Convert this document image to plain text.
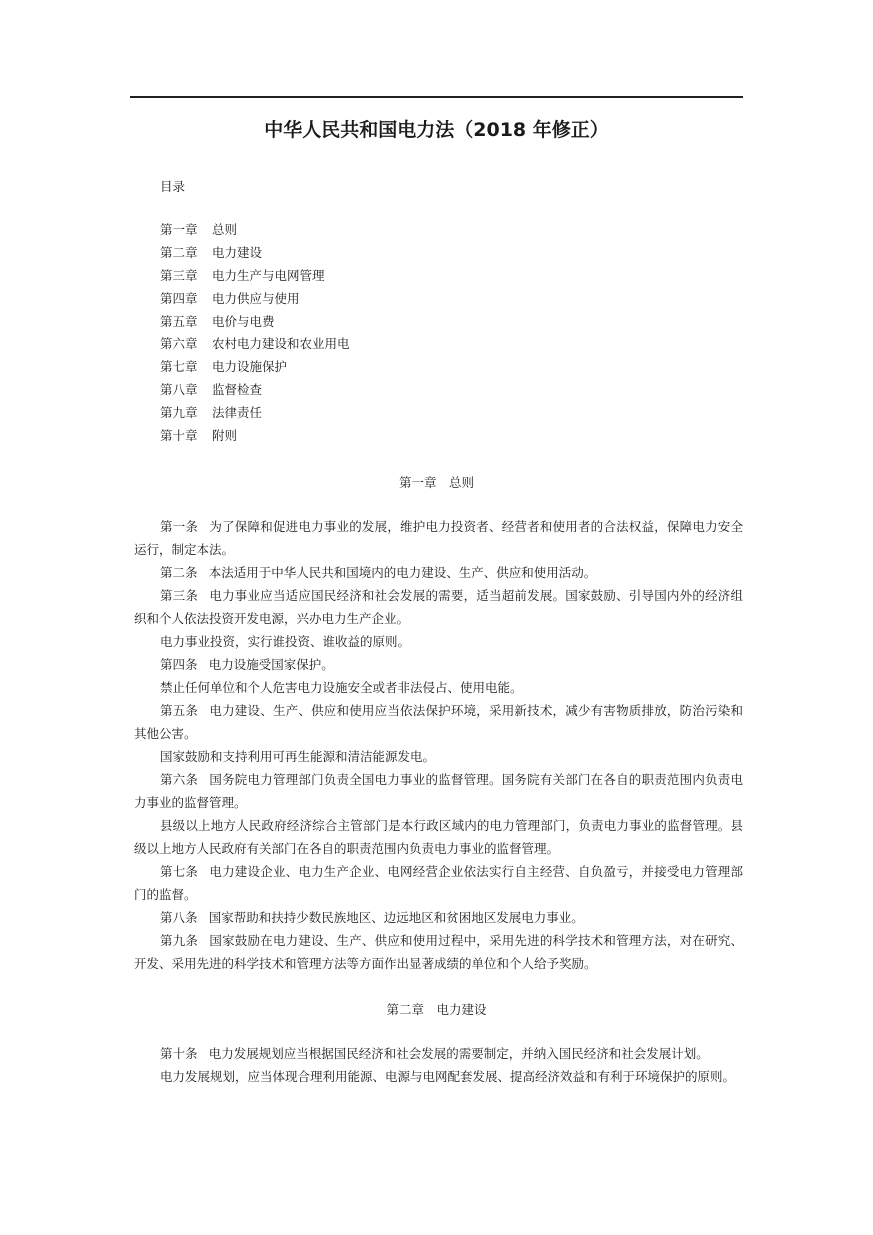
中华人民共和国电力法（2018 年修正）
目录
第一章 总则
第二章 电力建设
第三章 电力生产与电网管理
第四章 电力供应与使用
第五章 电价与电费
第六章 农村电力建设和农业用电
第七章 电力设施保护
第八章 监督检查
第九章 法律责任
第十章 附则
第一章　总则

第一条 为了保障和促进电力事业的发展，维护电力投资者、经营者和使用者的合法权益，保障电力安全运行，制定本法。

第二条 本法适用于中华人民共和国境内的电力建设、生产、供应和使用活动。

第三条 电力事业应当适应国民经济和社会发展的需要，适当超前发展。国家鼓励、引导国内外的经济组织和个人依法投资开发电源，兴办电力生产企业。

电力事业投资，实行谁投资、谁收益的原则。

第四条 电力设施受国家保护。

禁止任何单位和个人危害电力设施安全或者非法侵占、使用电能。

第五条 电力建设、生产、供应和使用应当依法保护环境，采用新技术，减少有害物质排放，防治污染和其他公害。

国家鼓励和支持利用可再生能源和清洁能源发电。

第六条 国务院电力管理部门负责全国电力事业的监督管理。国务院有关部门在各自的职责范围内负责电力事业的监督管理。

县级以上地方人民政府经济综合主管部门是本行政区域内的电力管理部门，负责电力事业的监督管理。县级以上地方人民政府有关部门在各自的职责范围内负责电力事业的监督管理。

第七条 电力建设企业、电力生产企业、电网经营企业依法实行自主经营、自负盈亏，并接受电力管理部门的监督。

第八条 国家帮助和扶持少数民族地区、边远地区和贫困地区发展电力事业。

第九条 国家鼓励在电力建设、生产、供应和使用过程中，采用先进的科学技术和管理方法，对在研究、开发、采用先进的科学技术和管理方法等方面作出显著成绩的单位和个人给予奖励。

第二章　电力建设

第十条 电力发展规划应当根据国民经济和社会发展的需要制定，并纳入国民经济和社会发展计划。

电力发展规划，应当体现合理利用能源、电源与电网配套发展、提高经济效益和有利于环境保护的原则。
